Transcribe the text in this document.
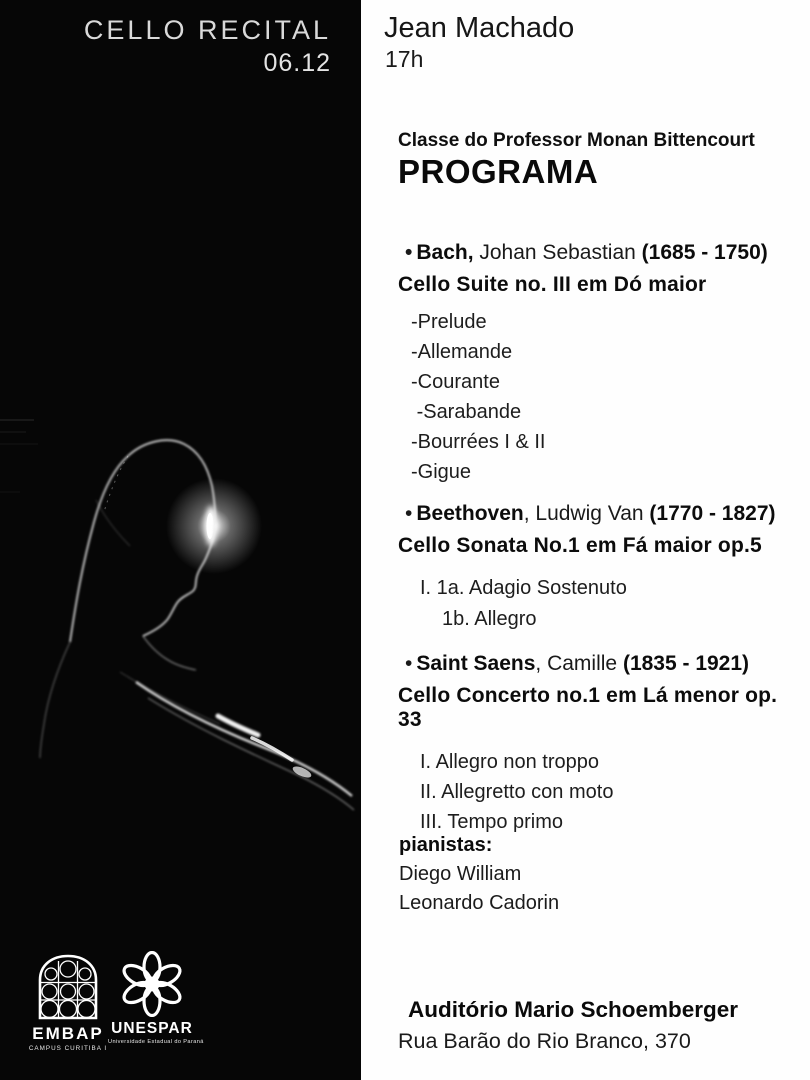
CELLO RECITAL
06.12
EMBAP
CAMPUS CURITIBA I
UNESPAR
Universidade Estadual do Paraná
Jean Machado
17h
Classe do Professor Monan Bittencourt
PROGRAMA
• Bach, Johan Sebastian (1685 - 1750)
Cello Suite no. III em Dó maior
-Prelude
-Allemande
-Courante
-Sarabande
-Bourrées I & II
-Gigue
• Beethoven, Ludwig Van (1770 - 1827)
Cello Sonata No.1 em Fá maior op.5
I. 1a. Adagio Sostenuto
1b. Allegro
• Saint Saens, Camille (1835 - 1921)
Cello Concerto no.1 em Lá menor op. 33
I. Allegro non troppo
II. Allegretto con moto
III. Tempo primo
pianistas:
Diego William
Leonardo Cadorin
Auditório Mario Schoemberger
Rua Barão do Rio Branco, 370
